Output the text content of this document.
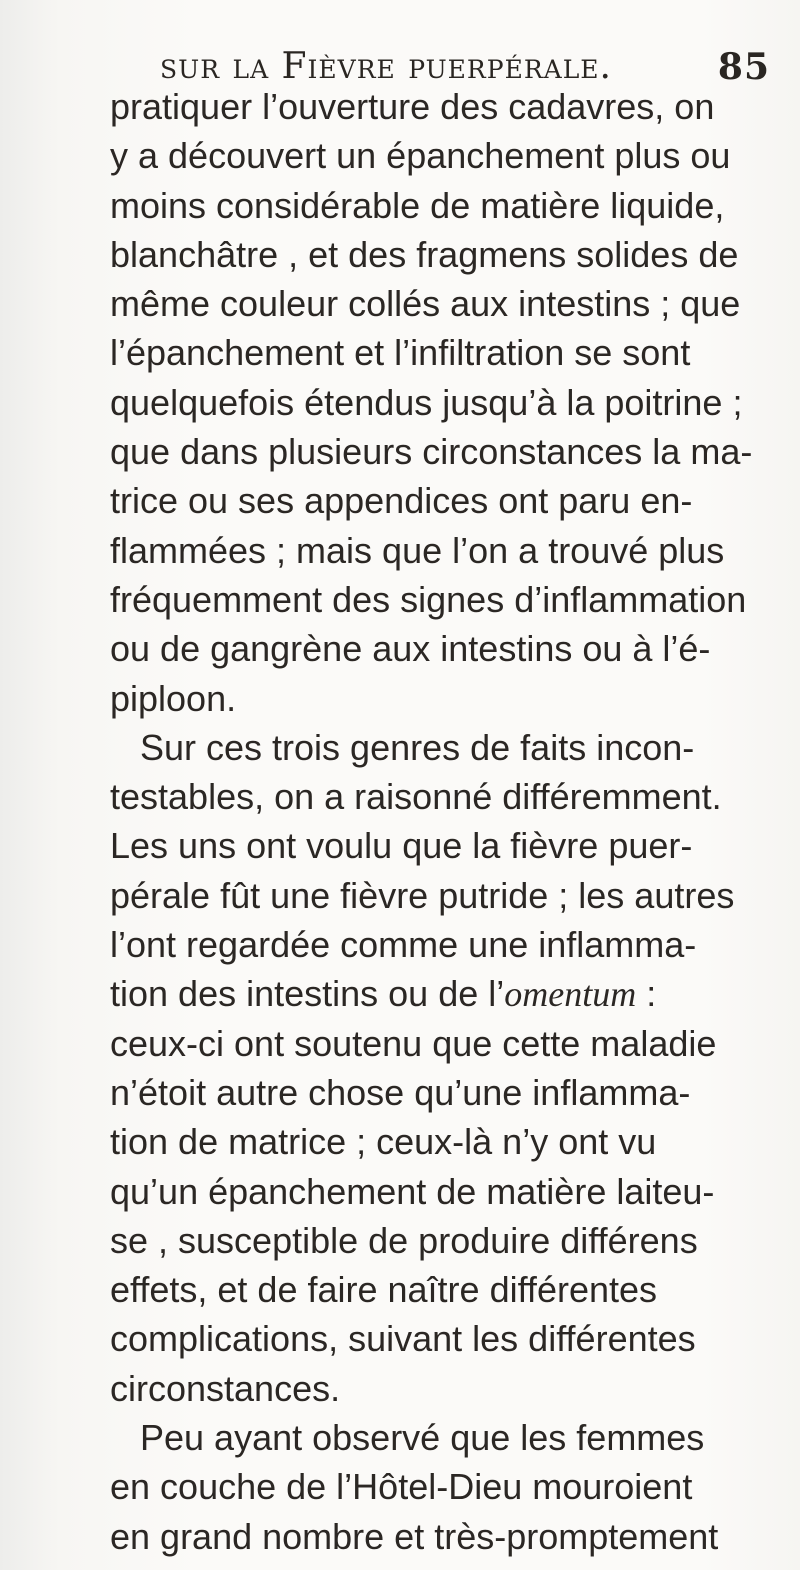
sur la Fièvre puerpérale.	85
pratiquer l’ouverture des cadavres, on
y a découvert un épanchement plus ou
moins considérable de matière liquide,
blanchâtre , et des fragmens solides de
même couleur collés aux intestins ; que
l’épanchement et l’infiltration se sont
quelquefois étendus jusqu’à la poitrine ;
que dans plusieurs circonstances la ma-
trice ou ses appendices ont paru en-
flammées ; mais que l’on a trouvé plus
fréquemment des signes d’inflammation
ou de gangrène aux intestins ou à l’é-
piploon.
Sur ces trois genres de faits incon-
testables, on a raisonné différemment.
Les uns ont voulu que la fièvre puer-
pérale fût une fièvre putride ; les autres
l’ont regardée comme une inflamma-
tion des intestins ou de l’omentum :
ceux-ci ont soutenu que cette maladie
n’étoit autre chose qu’une inflamma-
tion de matrice ; ceux-là n’y ont vu
qu’un épanchement de matière laiteu-
se , susceptible de produire différens
effets, et de faire naître différentes
complications, suivant les différentes
circonstances.
Peu ayant observé que les femmes
en couche de l’Hôtel-Dieu mouroient
en grand nombre et très-promptement
